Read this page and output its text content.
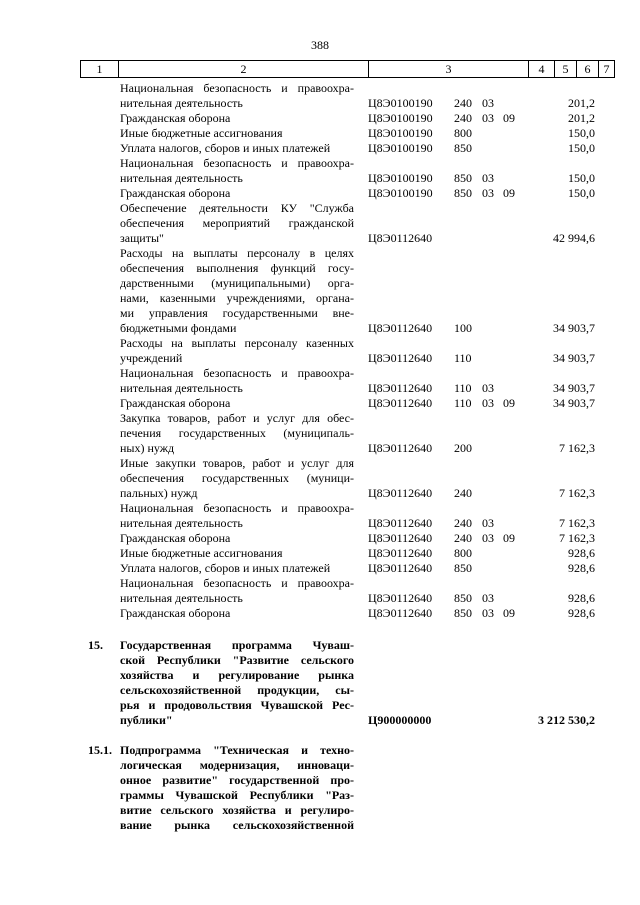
388
1	2	3	4	5	6	7
Национальная безопасность и правоохра-
нительная деятельность	Ц8Э0100190 240 03	201,2
Гражданская оборона	Ц8Э0100190 240 03 09	201,2
Иные бюджетные ассигнования	Ц8Э0100190 800	150,0
Уплата налогов, сборов и иных платежей	Ц8Э0100190 850	150,0
Национальная безопасность и правоохра-
нительная деятельность	Ц8Э0100190 850 03	150,0
Гражданская оборона	Ц8Э0100190 850 03 09	150,0
Обеспечение деятельности КУ "Служба
обеспечения мероприятий гражданской
защиты"	Ц8Э0112640	42 994,6
Расходы на выплаты персоналу в целях
обеспечения выполнения функций госу-
дарственными (муниципальными) орга-
нами, казенными учреждениями, органа-
ми управления государственными вне-
бюджетными фондами	Ц8Э0112640 100	34 903,7
Расходы на выплаты персоналу казенных
учреждений	Ц8Э0112640 110	34 903,7
Национальная безопасность и правоохра-
нительная деятельность	Ц8Э0112640 110 03	34 903,7
Гражданская оборона	Ц8Э0112640 110 03 09	34 903,7
Закупка товаров, работ и услуг для обес-
печения государственных (муниципаль-
ных) нужд	Ц8Э0112640 200	7 162,3
Иные закупки товаров, работ и услуг для
обеспечения государственных (муници-
пальных) нужд	Ц8Э0112640 240	7 162,3
Национальная безопасность и правоохра-
нительная деятельность	Ц8Э0112640 240 03	7 162,3
Гражданская оборона	Ц8Э0112640 240 03 09	7 162,3
Иные бюджетные ассигнования	Ц8Э0112640 800	928,6
Уплата налогов, сборов и иных платежей	Ц8Э0112640 850	928,6
Национальная безопасность и правоохра-
нительная деятельность	Ц8Э0112640 850 03	928,6
Гражданская оборона	Ц8Э0112640 850 03 09	928,6
15. Государственная программа Чуваш-
ской Республики "Развитие сельского
хозяйства и регулирование рынка
сельскохозяйственной продукции, сы-
рья и продовольствия Чувашской Рес-
публики"	Ц900000000	3 212 530,2
15.1. Подпрограмма "Техническая и техно-
логическая модернизация, инноваци-
онное развитие" государственной про-
граммы Чувашской Республики "Раз-
витие сельского хозяйства и регулиро-
вание рынка сельскохозяйственной
